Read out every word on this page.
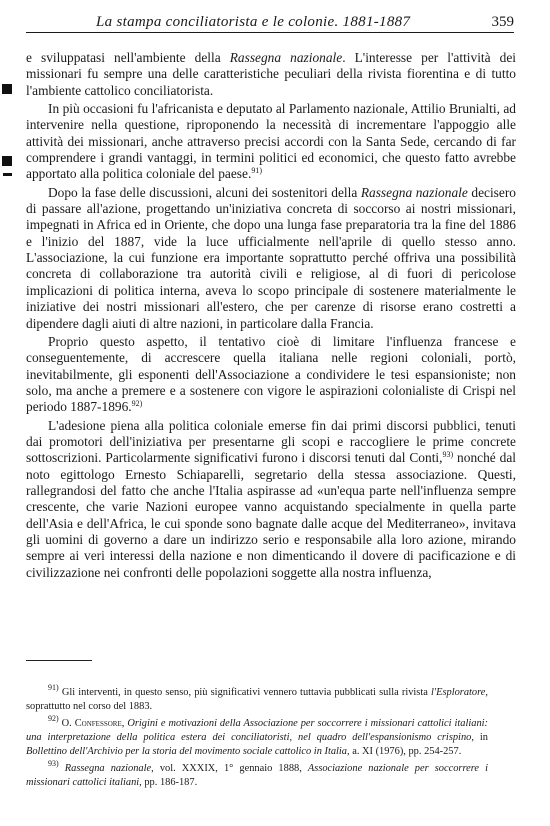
La stampa conciliatorista e le colonie. 1881-1887	359

e sviluppatasi nell'ambiente della Rassegna nazionale. L'interesse per l'attività dei missionari fu sempre una delle caratteristiche peculiari della rivista fiorentina e di tutto l'ambiente cattolico conciliatorista.

In più occasioni fu l'africanista e deputato al Parlamento nazionale, Attilio Brunialti, ad intervenire nella questione, riproponendo la necessità di incrementare l'appoggio alle attività dei missionari, anche attraverso precisi accordi con la Santa Sede, cercando di far comprendere i grandi vantaggi, in termini politici ed economici, che questo fatto avrebbe apportato alla politica coloniale del paese.$^{91)}$

Dopo la fase delle discussioni, alcuni dei sostenitori della Rassegna nazionale decisero di passare all'azione, progettando un'iniziativa concreta di soccorso ai nostri missionari, impegnati in Africa ed in Oriente, che dopo una lunga fase preparatoria tra la fine del 1886 e l'inizio del 1887, vide la luce ufficialmente nell'aprile di quello stesso anno. L'associazione, la cui funzione era importante soprattutto perché offriva una possibilità concreta di collaborazione tra autorità civili e religiose, al di fuori di pericolose implicazioni di politica interna, aveva lo scopo principale di sostenere materialmente le iniziative dei nostri missionari all'estero, che per carenze di risorse erano costretti a dipendere dagli aiuti di altre nazioni, in particolare dalla Francia.

Proprio questo aspetto, il tentativo cioè di limitare l'influenza francese e conseguentemente, di accrescere quella italiana nelle regioni coloniali, portò, inevitabilmente, gli esponenti dell'Associazione a condividere le tesi espansioniste; non solo, ma anche a premere e a sostenere con vigore le aspirazioni colonialiste di Crispi nel periodo 1887-1896.$^{92)}$

L'adesione piena alla politica coloniale emerse fin dai primi discorsi pubblici, tenuti dai promotori dell'iniziativa per presentarne gli scopi e raccogliere le prime concrete sottoscrizioni. Particolarmente significativi furono i discorsi tenuti dal Conti,$^{93)}$ nonché dal noto egittologo Ernesto Schiaparelli, segretario della stessa associazione. Questi, rallegrandosi del fatto che anche l'Italia aspirasse ad «un'equa parte nell'influenza sempre crescente, che varie Nazioni europee vanno acquistando specialmente in quella parte dell'Asia e dell'Africa, le cui sponde sono bagnate dalle acque del Mediterraneo», invitava gli uomini di governo a dare un indirizzo serio e responsabile alla loro azione, mirando sempre ai veri interessi della nazione e non dimenticando il dovere di pacificazione e di civilizzazione nei confronti delle popolazioni soggette alla nostra influenza,

$^{91)}$ Gli interventi, in questo senso, più significativi vennero tuttavia pubblicati sulla rivista l'Esploratore, soprattutto nel corso del 1883.

$^{92)}$ O. Confessore, Origini e motivazioni della Associazione per soccorrere i missionari cattolici italiani: una interpretazione della politica estera dei conciliatoristi, nel quadro dell'espansionismo crispino, in Bollettino dell'Archivio per la storia del movimento sociale cattolico in Italia, a. XI (1976), pp. 254-257.

$^{93)}$ Rassegna nazionale, vol. XXXIX, 1° gennaio 1888, Associazione nazionale per soccorrere i missionari cattolici italiani, pp. 186-187.
